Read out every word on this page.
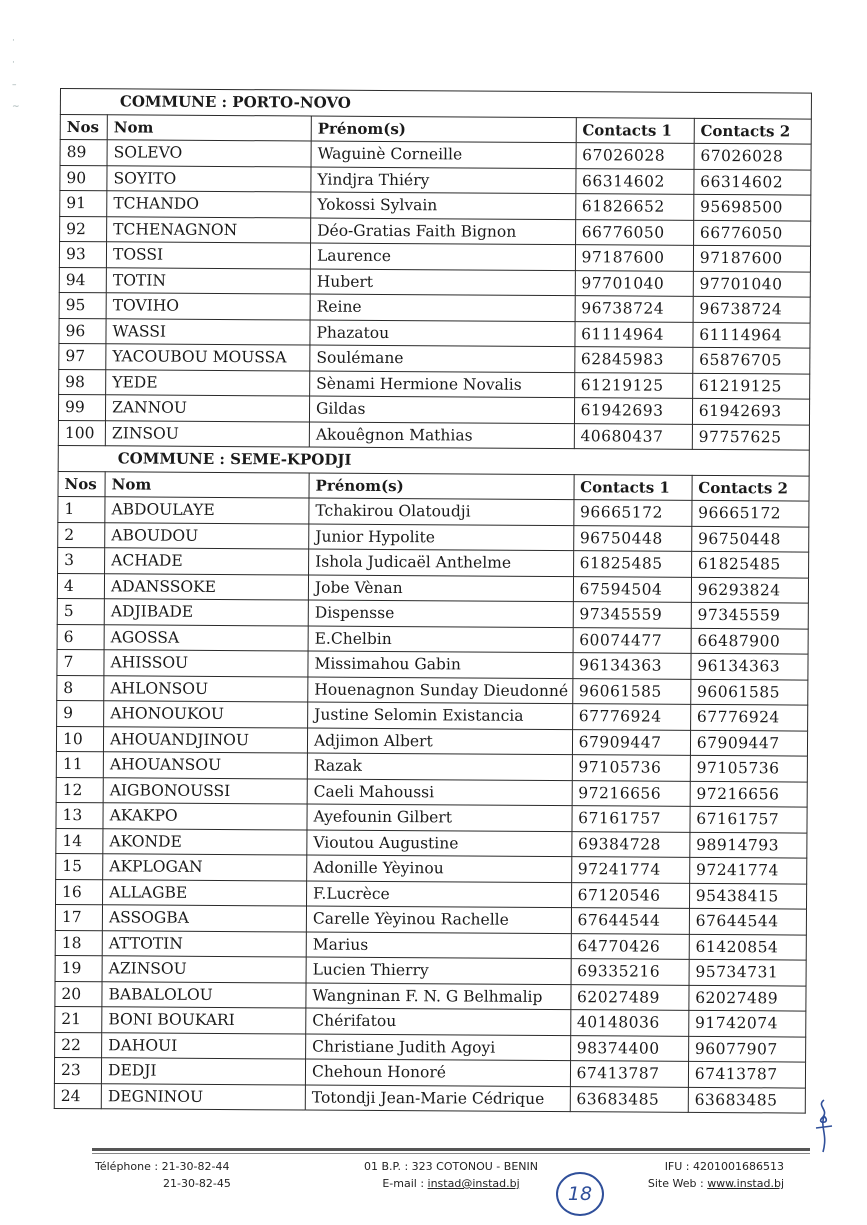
·
·
–
~	COMMUNE : PORTO-NOVO				
Nos	Nom	Prénom(s)	Contacts 1	Contacts 2
89	SOLEVO	Waguinè Corneille	67026028	67026028
90	SOYITO	Yindjra Thiéry	66314602	66314602
91	TCHANDO	Yokossi Sylvain	61826652	95698500
92	TCHENAGNON	Déo-Gratias Faith Bignon	66776050	66776050
93	TOSSI	Laurence	97187600	97187600
94	TOTIN	Hubert	97701040	97701040
95	TOVIHO	Reine	96738724	96738724
96	WASSI	Phazatou	61114964	61114964
97	YACOUBOU MOUSSA	Soulémane	62845983	65876705
98	YEDE	Sènami Hermione Novalis	61219125	61219125
99	ZANNOU	Gildas	61942693	61942693
100	ZINSOU	Akouêgnon Mathias	40680437	97757625
COMMUNE : SEME-KPODJI				
Nos	Nom	Prénom(s)	Contacts 1	Contacts 2
1	ABDOULAYE	Tchakirou Olatoudji	96665172	96665172
2	ABOUDOU	Junior Hypolite	96750448	96750448
3	ACHADE	Ishola Judicaël Anthelme	61825485	61825485
4	ADANSSOKE	Jobe Vènan	67594504	96293824
5	ADJIBADE	Dispensse	97345559	97345559
6	AGOSSA	E.Chelbin	60074477	66487900
7	AHISSOU	Missimahou Gabin	96134363	96134363
8	AHLONSOU	Houenagnon Sunday Dieudonné	96061585	96061585
9	AHONOUKOU	Justine Selomin Existancia	67776924	67776924
10	AHOUANDJINOU	Adjimon Albert	67909447	67909447
11	AHOUANSOU	Razak	97105736	97105736
12	AIGBONOUSSI	Caeli Mahoussi	97216656	97216656
13	AKAKPO	Ayefounin Gilbert	67161757	67161757
14	AKONDE	Vioutou Augustine	69384728	98914793
15	AKPLOGAN	Adonille Yèyinou	97241774	97241774
16	ALLAGBE	F.Lucrèce	67120546	95438415
17	ASSOGBA	Carelle Yèyinou Rachelle	67644544	67644544
18	ATTOTIN	Marius	64770426	61420854
19	AZINSOU	Lucien Thierry	69335216	95734731
20	BABALOLOU	Wangninan F. N. G Belhmalip	62027489	62027489
21	BONI BOUKARI	Chérifatou	40148036	91742074
22	DAHOUI	Christiane Judith Agoyi	98374400	96077907
23	DEDJI	Chehoun Honoré	67413787	67413787
24	DEGNINOU	Totondji Jean-Marie Cédrique	63683485	63683485
Téléphone : 21-30-82-44
21-30-82-45
01 B.P. : 323 COTONOU - BENIN
E-mail : instad@instad.bj
IFU : 4201001686513
Site Web : www.instad.bj
18
